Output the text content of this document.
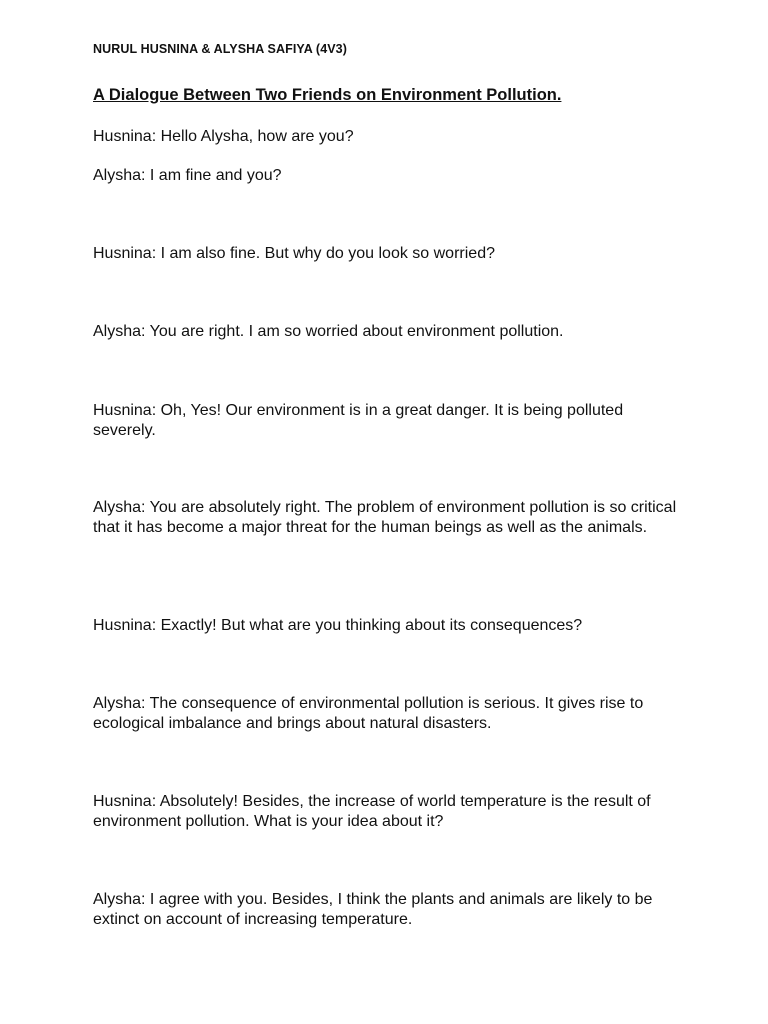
NURUL HUSNINA & ALYSHA SAFIYA (4V3)
A Dialogue Between Two Friends on Environment Pollution.
Husnina: Hello Alysha, how are you?
Alysha: I am fine and you?
Husnina: I am also fine. But why do you look so worried?
Alysha: You are right. I am so worried about environment pollution.
Husnina: Oh, Yes! Our environment is in a great danger. It is being polluted severely.
Alysha: You are absolutely right. The problem of environment pollution is so critical that it has become a major threat for the human beings as well as the animals.
Husnina: Exactly! But what are you thinking about its consequences?
Alysha: The consequence of environmental pollution is serious. It gives rise to ecological imbalance and brings about natural disasters.
Husnina: Absolutely! Besides, the increase of world temperature is the result of environment pollution. What is your idea about it?
Alysha: I agree with you. Besides, I think the plants and animals are likely to be extinct on account of increasing temperature.
